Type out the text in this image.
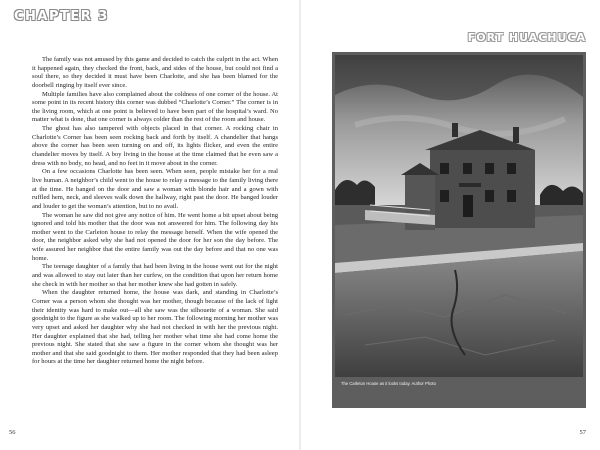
CHAPTER 3

The family was not amused by this game and decided to catch the culprit in the act. When it happened again, they checked the front, back, and sides of the house, but could not find a soul there, so they decided it must have been Charlotte, and she has been blamed for the doorbell ringing by itself ever since.

Multiple families have also complained about the coldness of one corner of the house. At some point in its recent history this corner was dubbed “Charlotte’s Corner.” The corner is in the living room, which at one point is believed to have been part of the hospital’s ward. No matter what is done, that one corner is always colder than the rest of the room and house.

The ghost has also tampered with objects placed in that corner. A rocking chair in Charlotte’s Corner has been seen rocking back and forth by itself. A chandelier that hangs above the corner has been seen turning on and off, its lights flicker, and even the entire chandelier moves by itself. A boy living in the house at the time claimed that he even saw a dress with no body, no head, and no feet in it move about in the corner.

On a few occasions Charlotte has been seen. When seen, people mistake her for a real live human. A neighbor’s child went to the house to relay a message to the family living there at the time. He banged on the door and saw a woman with blonde hair and a gown with ruffled hem, neck, and sleeves walk down the hallway, right past the door. He banged louder and louder to get the woman’s attention, but to no avail.

The woman he saw did not give any notice of him. He went home a bit upset about being ignored and told his mother that the door was not answered for him. The following day his mother went to the Carleton house to relay the message herself. When the wife opened the door, the neighbor asked why she had not opened the door for her son the day before. The wife assured her neighbor that the entire family was out the day before and that no one was home.

The teenage daughter of a family that had been living in the house went out for the night and was allowed to stay out later than her curfew, on the condition that upon her return home she check in with her mother so that her mother knew she had gotten in safely.

When the daughter returned home, the house was dark, and standing in Charlotte’s Corner was a person whom she thought was her mother, though because of the lack of light their identity was hard to make out—all she saw was the silhouette of a woman. She said goodnight to the figure as she walked up to her room. The following morning her mother was very upset and asked her daughter why she had not checked in with her the previous night. Her daughter explained that she had, telling her mother what time she had come home the previous night. She stated that she saw a figure in the corner whom she thought was her mother and that she said goodnight to them. Her mother responded that they had been asleep for hours at the time her daughter returned home the night before.

56
FORT HUACHUCA
The Carleton House as it looks today. Author Photo
57
